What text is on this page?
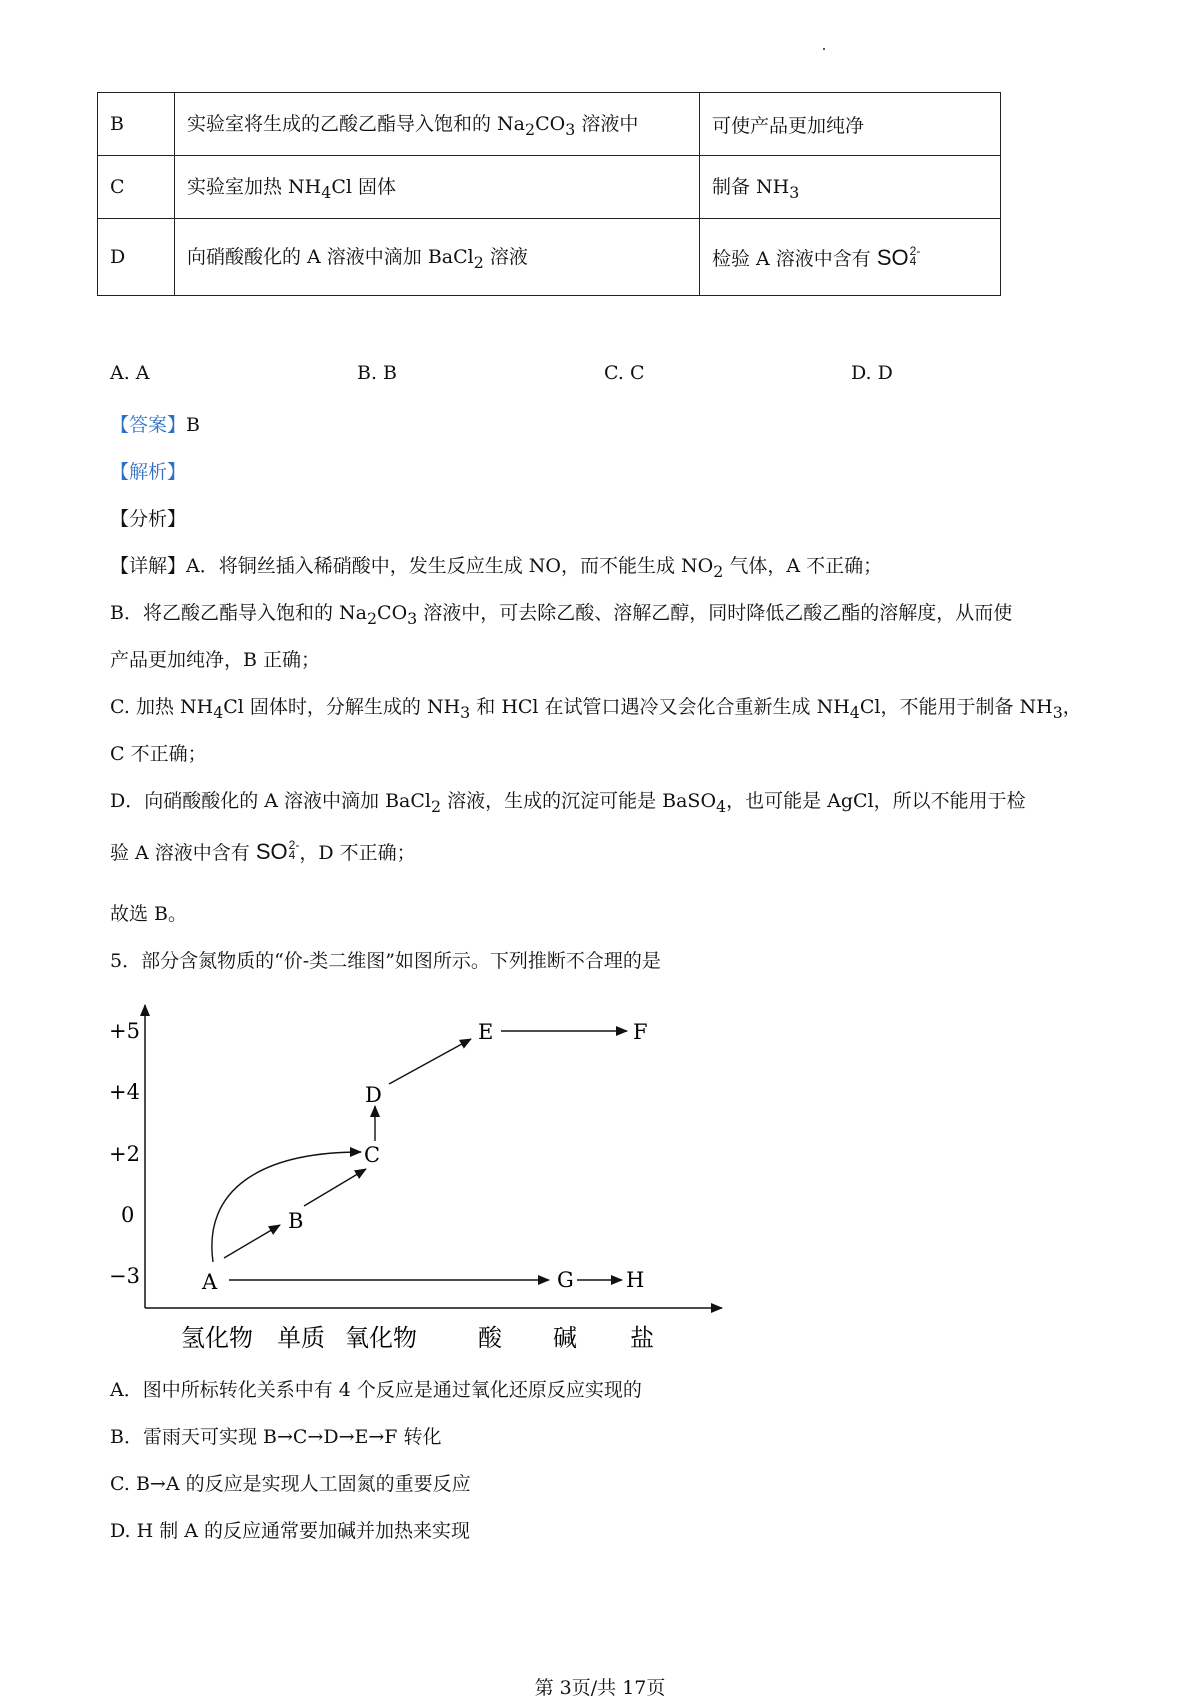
B	实验室将生成的乙酸乙酯导入饱和的 $Na_2CO_3$ 溶液中	可使产品更加纯净
C	实验室加热 $NH_4Cl$ 固体	制备 $NH_3$
D	向硝酸酸化的 A 溶液中滴加 BaCl$_2$ 溶液	检验 A 溶液中含有 SO 2-
4
A. A	B. B	C. C	D. D
【答案】B
【解析】
【分析】
【详解】A．将铜丝插入稀硝酸中，发生反应生成 NO，而不能生成 $NO_2$ 气体，A 不正确；
B．将乙酸乙酯导入饱和的 $Na_2CO_3$ 溶液中，可去除乙酸、溶解乙醇，同时降低乙酸乙酯的溶解度，从而使
产品更加纯净，B 正确；
C. 加热 $NH_4Cl$ 固体时，分解生成的 $NH_3$ 和 HCl 在试管口遇冷又会化合重新生成 $NH_4Cl$，不能用于制备 $NH_3$，
C 不正确；
D．向硝酸酸化的 A 溶液中滴加 BaCl$_2$ 溶液，生成的沉淀可能是 BaSO$_4$，也可能是 AgCl，所以不能用于检
验 A 溶液中含有 SO 2-
4 ，D 不正确；
故选 B。
5．部分含氮物质的“价-类二维图”如图所示。下列推断不合理的是
+5
+4
+2
0
−3
氢化物 单质 氧化物	酸 碱 盐
A
B
C
D
E	F
G H
A．图中所标转化关系中有 4 个反应是通过氧化还原反应实现的
B．雷雨天可实现 B→C→D→E→F 转化
C. B→A 的反应是实现人工固氮的重要反应
D. H 制 A 的反应通常要加碱并加热来实现
第 3页/共 17页
